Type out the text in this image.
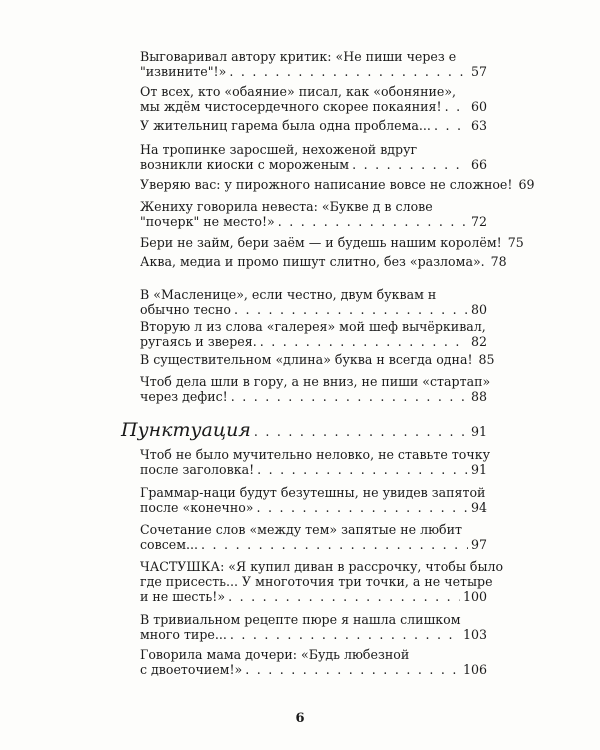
Выговаривал автору критик: «Не пиши через е
"извините"!» . . .	57
От всех, кто «обаяние» писал, как «обоняние»,
мы ждём чистосердечного скорее покаяния! . . . 60
У жительниц гарема была одна проблема... . . .	63
На тропинке заросшей, нехоженой вдруг
возникли киоски с мороженым . . .	66
Уверяю вас: у пирожного написание вовсе не сложное! 69
Жениху говорила невеста: «Букве д в слове
"почерк" не место!» . . .	72
Бери не займ, бери заём — и будешь нашим королём! 75
Аква, медиа и промо пишут слитно, без «разлома». 78
В «Масленице», если честно, двум буквам н
обычно тесно . . .	80
Вторую л из слова «галерея» мой шеф вычёркивал,
ругаясь и зверея. . . .	82
В существительном «длина» буква н всегда одна! 85
Чтоб дела шли в гору, а не вниз, не пиши «стартап»
через дефис! . . .	88
Пунктуация . . .	91
Чтоб не было мучительно неловко, не ставьте точку
после заголовка! . . .	91
Граммар-наци будут безутешны, не увидев запятой
после «конечно» . . .	94
Сочетание слов «между тем» запятые не любит
совсем... . . .	97
ЧАСТУШКА: «Я купил диван в рассрочку, чтобы было
где присесть... У многоточия три точки, а не четыре
и не шесть!» . . .	100
В тривиальном рецепте пюре я нашла слишком
много тире... . . .	103
Говорила мама дочери: «Будь любезной
с двоеточием!» . . .	106
6
